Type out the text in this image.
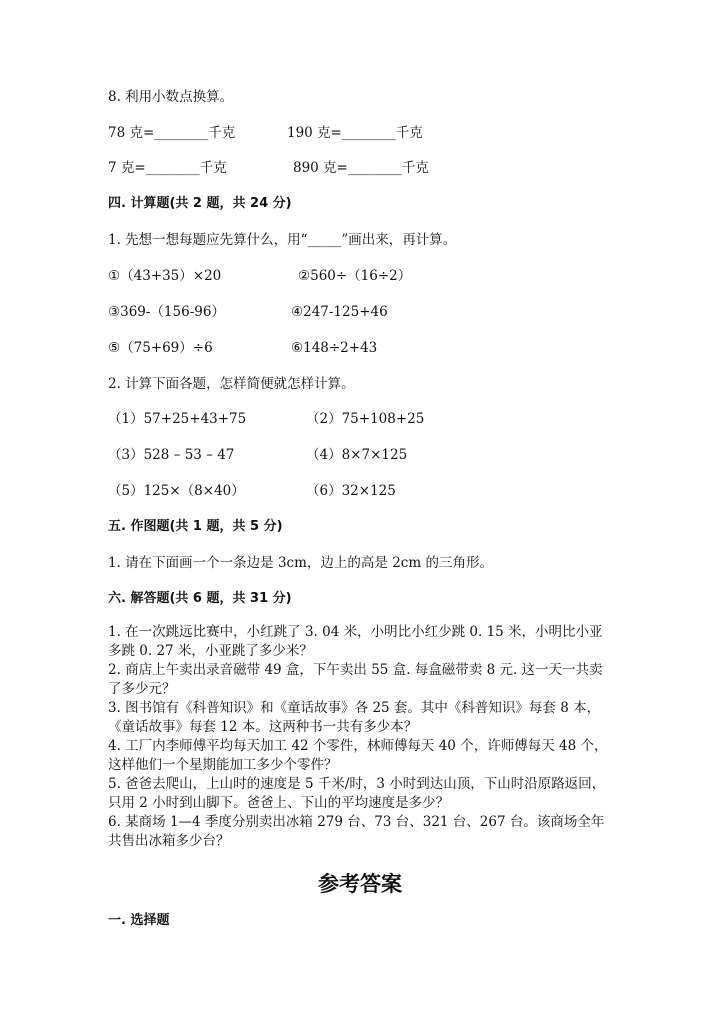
8. 利用小数点换算。
78 克=________千克	190 克=________千克
7 克=________千克	890 克=________千克
四. 计算题(共 2 题，共 24 分)
1. 先想一想每题应先算什么，用“_____”画出来，再计算。
①（43+35）×20	②560÷（16÷2）
③369-（156-96）	④247-125+46
⑤（75+69）÷6	⑥148÷2+43
2. 计算下面各题，怎样简便就怎样计算。
（1）57+25+43+75	（2）75+108+25
（3）528 – 53 – 47	（4）8×7×125
（5）125×（8×40）	（6）32×125
五. 作图题(共 1 题，共 5 分)
1. 请在下面画一个一条边是 3cm，边上的高是 2cm 的三角形。
六. 解答题(共 6 题，共 31 分)
1. 在一次跳远比赛中，小红跳了 3. 04 米，小明比小红少跳 0. 15 米，小明比小亚多跳 0. 27 米，小亚跳了多少米？
2. 商店上午卖出录音磁带 49 盒，下午卖出 55 盒. 每盒磁带卖 8 元. 这一天一共卖了多少元？
3. 图书馆有《科普知识》和《童话故事》各 25 套。其中《科普知识》每套 8 本，《童话故事》每套 12 本。这两种书一共有多少本？
4. 工厂内李师傅平均每天加工 42 个零件，林师傅每天 40 个，许师傅每天 48 个，这样他们一个星期能加工多少个零件？
5. 爸爸去爬山，上山时的速度是 5 千米/时，3 小时到达山顶，下山时沿原路返回，只用 2 小时到山脚下。爸爸上、下山的平均速度是多少？
6. 某商场 1—4 季度分别卖出冰箱 279 台、73 台、321 台、267 台。该商场全年共售出冰箱多少台？
参考答案
一. 选择题
